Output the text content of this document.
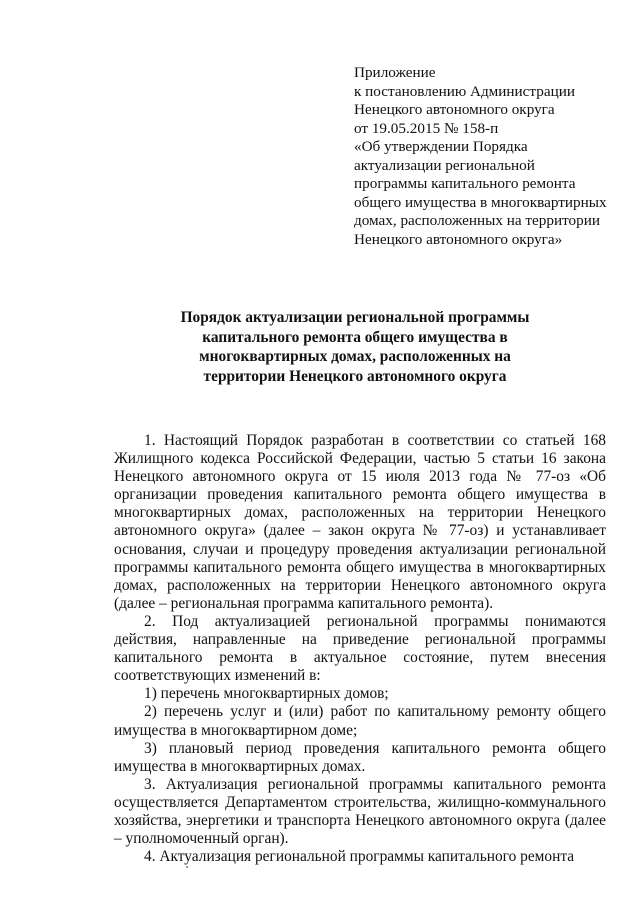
Приложение
к постановлению Администрации
Ненецкого автономного округа
от 19.05.2015 № 158-п
«Об утверждении Порядка
актуализации региональной
программы капитального ремонта
общего имущества в многоквартирных
домах, расположенных на территории
Ненецкого автономного округа»
Порядок актуализации региональной программы
капитального ремонта общего имущества в
многоквартирных домах, расположенных на
территории Ненецкого автономного округа

1. Настоящий Порядок разработан в соответствии со статьей 168 Жилищного кодекса Российской Федерации, частью 5 статьи 16 закона Ненецкого автономного округа от 15 июля 2013 года № 77-оз «Об организации проведения капитального ремонта общего имущества в многоквартирных домах, расположенных на территории Ненецкого автономного округа» (далее – закон округа № 77-оз) и устанавливает основания, случаи и процедуру проведения актуализации региональной программы капитального ремонта общего имущества в многоквартирных домах, расположенных на территории Ненецкого автономного округа (далее – региональная программа капитального ремонта).

2. Под актуализацией региональной программы понимаются действия, направленные на приведение региональной программы капитального ремонта в актуальное состояние, путем внесения соответствующих изменений в:

1) перечень многоквартирных домов;

2) перечень услуг и (или) работ по капитальному ремонту общего имущества в многоквартирном доме;

3) плановый период проведения капитального ремонта общего имущества в многоквартирных домах.

3. Актуализация региональной программы капитального ремонта осуществляется Департаментом строительства, жилищно-коммунального хозяйства, энергетики и транспорта Ненецкого автономного округа (далее – уполномоченный орган).

4. Актуализация региональной программы капитального ремонта
